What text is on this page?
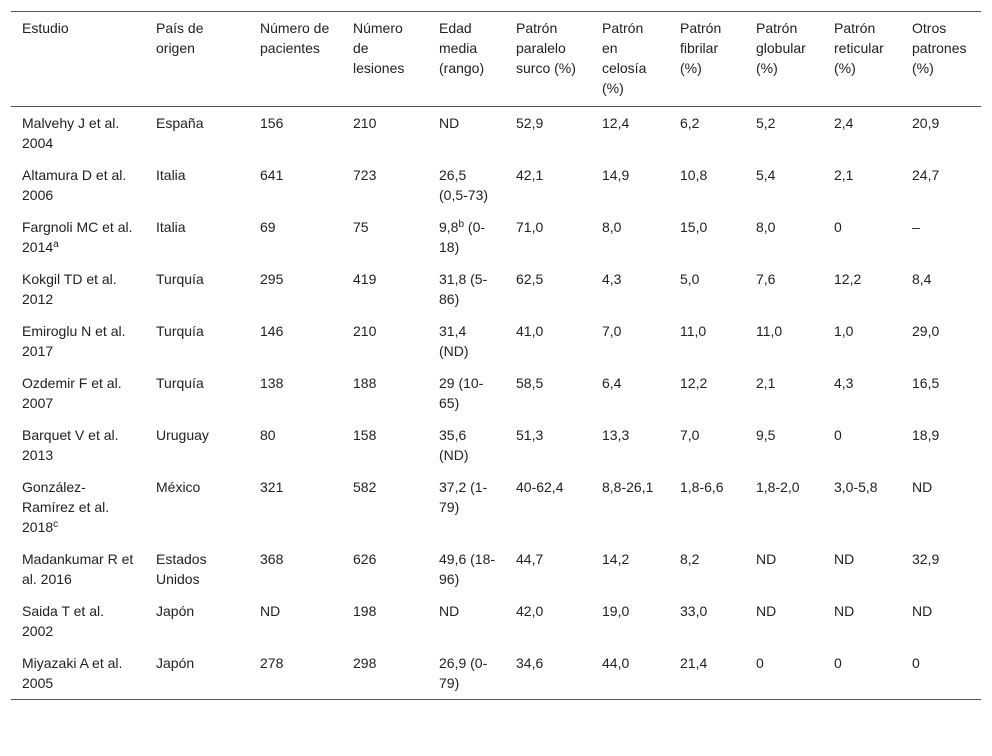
Estudio	País de origen	Número de pacientes	Número de lesiones	Edad media (rango)	Patrón paralelo surco (%)	Patrón en celosía (%)	Patrón fibrilar (%)	Patrón globular (%)	Patrón reticular (%)	Otros patrones (%)
Malvehy J et al. 2004	España	156	210	ND	52,9	12,4	6,2	5,2	2,4	20,9
Altamura D et al. 2006	Italia	641	723	26,5 (0,5-73)	42,1	14,9	10,8	5,4	2,1	24,7
Fargnoli MC et al. 2014$^a$	Italia	69	75	9,8$^b$ (0-18)	71,0	8,0	15,0	8,0	0	–
Kokgil TD et al. 2012	Turquía	295	419	31,8 (5-86)	62,5	4,3	5,0	7,6	12,2	8,4
Emiroglu N et al. 2017	Turquía	146	210	31,4 (ND)	41,0	7,0	11,0	11,0	1,0	29,0
Ozdemir F et al. 2007	Turquía	138	188	29 (10-65)	58,5	6,4	12,2	2,1	4,3	16,5
Barquet V et al. 2013	Uruguay	80	158	35,6 (ND)	51,3	13,3	7,0	9,5	0	18,9
González-Ramírez et al. 2018$^c$	México	321	582	37,2 (1-79)	40-62,4	8,8-26,1	1,8-6,6	1,8-2,0	3,0-5,8	ND
Madankumar R et al. 2016	Estados Unidos	368	626	49,6 (18-96)	44,7	14,2	8,2	ND	ND	32,9
Saida T et al. 2002	Japón	ND	198	ND	42,0	19,0	33,0	ND	ND	ND
Miyazaki A et al. 2005	Japón	278	298	26,9 (0-79)	34,6	44,0	21,4	0	0	0
